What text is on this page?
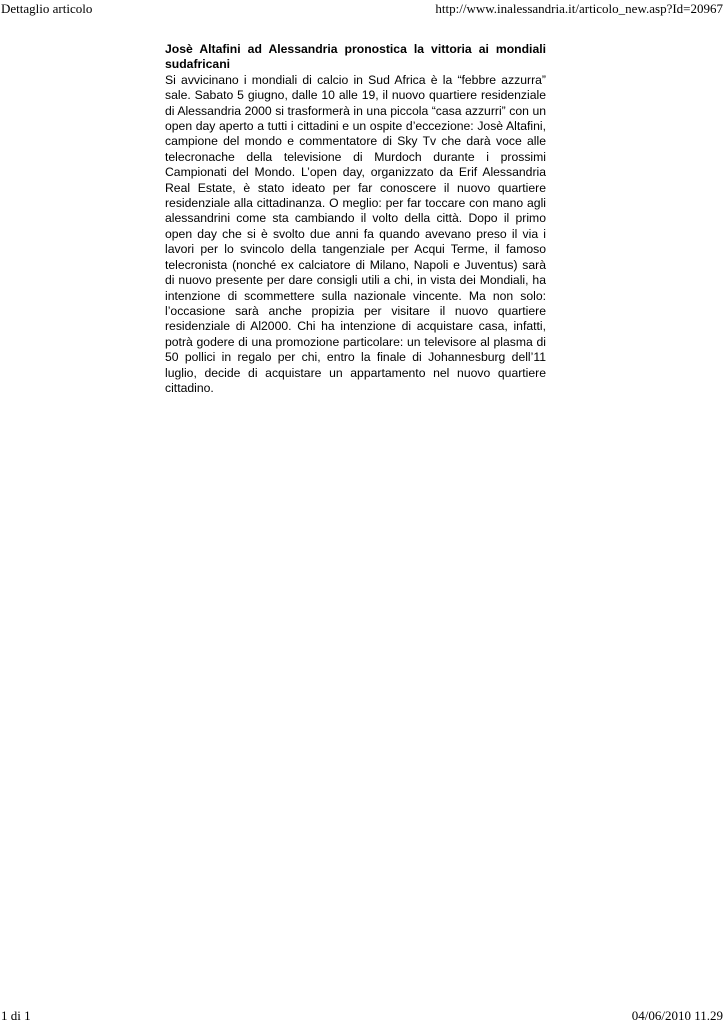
Dettaglio articolo	http://www.inalessandria.it/articolo_new.asp?Id=20967

Josè Altafini ad Alessandria pronostica la vittoria ai mondiali sudafricani

Si avvicinano i mondiali di calcio in Sud Africa è la “febbre azzurra” sale. Sabato 5 giugno, dalle 10 alle 19, il nuovo quartiere residenziale di Alessandria 2000 si trasformerà in una piccola “casa azzurri” con un open day aperto a tutti i cittadini e un ospite d’eccezione: Josè Altafini, campione del mondo e commentatore di Sky Tv che darà voce alle telecronache della televisione di Murdoch durante i prossimi Campionati del Mondo. L’open day, organizzato da Erif Alessandria Real Estate, è stato ideato per far conoscere il nuovo quartiere residenziale alla cittadinanza. O meglio: per far toccare con mano agli alessandrini come sta cambiando il volto della città. Dopo il primo open day che si è svolto due anni fa quando avevano preso il via i lavori per lo svincolo della tangenziale per Acqui Terme, il famoso telecronista (nonché ex calciatore di Milano, Napoli e Juventus) sarà di nuovo presente per dare consigli utili a chi, in vista dei Mondiali, ha intenzione di scommettere sulla nazionale vincente. Ma non solo: l’occasione sarà anche propizia per visitare il nuovo quartiere residenziale di Al2000. Chi ha intenzione di acquistare casa, infatti, potrà godere di una promozione particolare: un televisore al plasma di 50 pollici in regalo per chi, entro la finale di Johannesburg dell’11 luglio, decide di acquistare un appartamento nel nuovo quartiere cittadino.

1 di 1	04/06/2010 11.29
